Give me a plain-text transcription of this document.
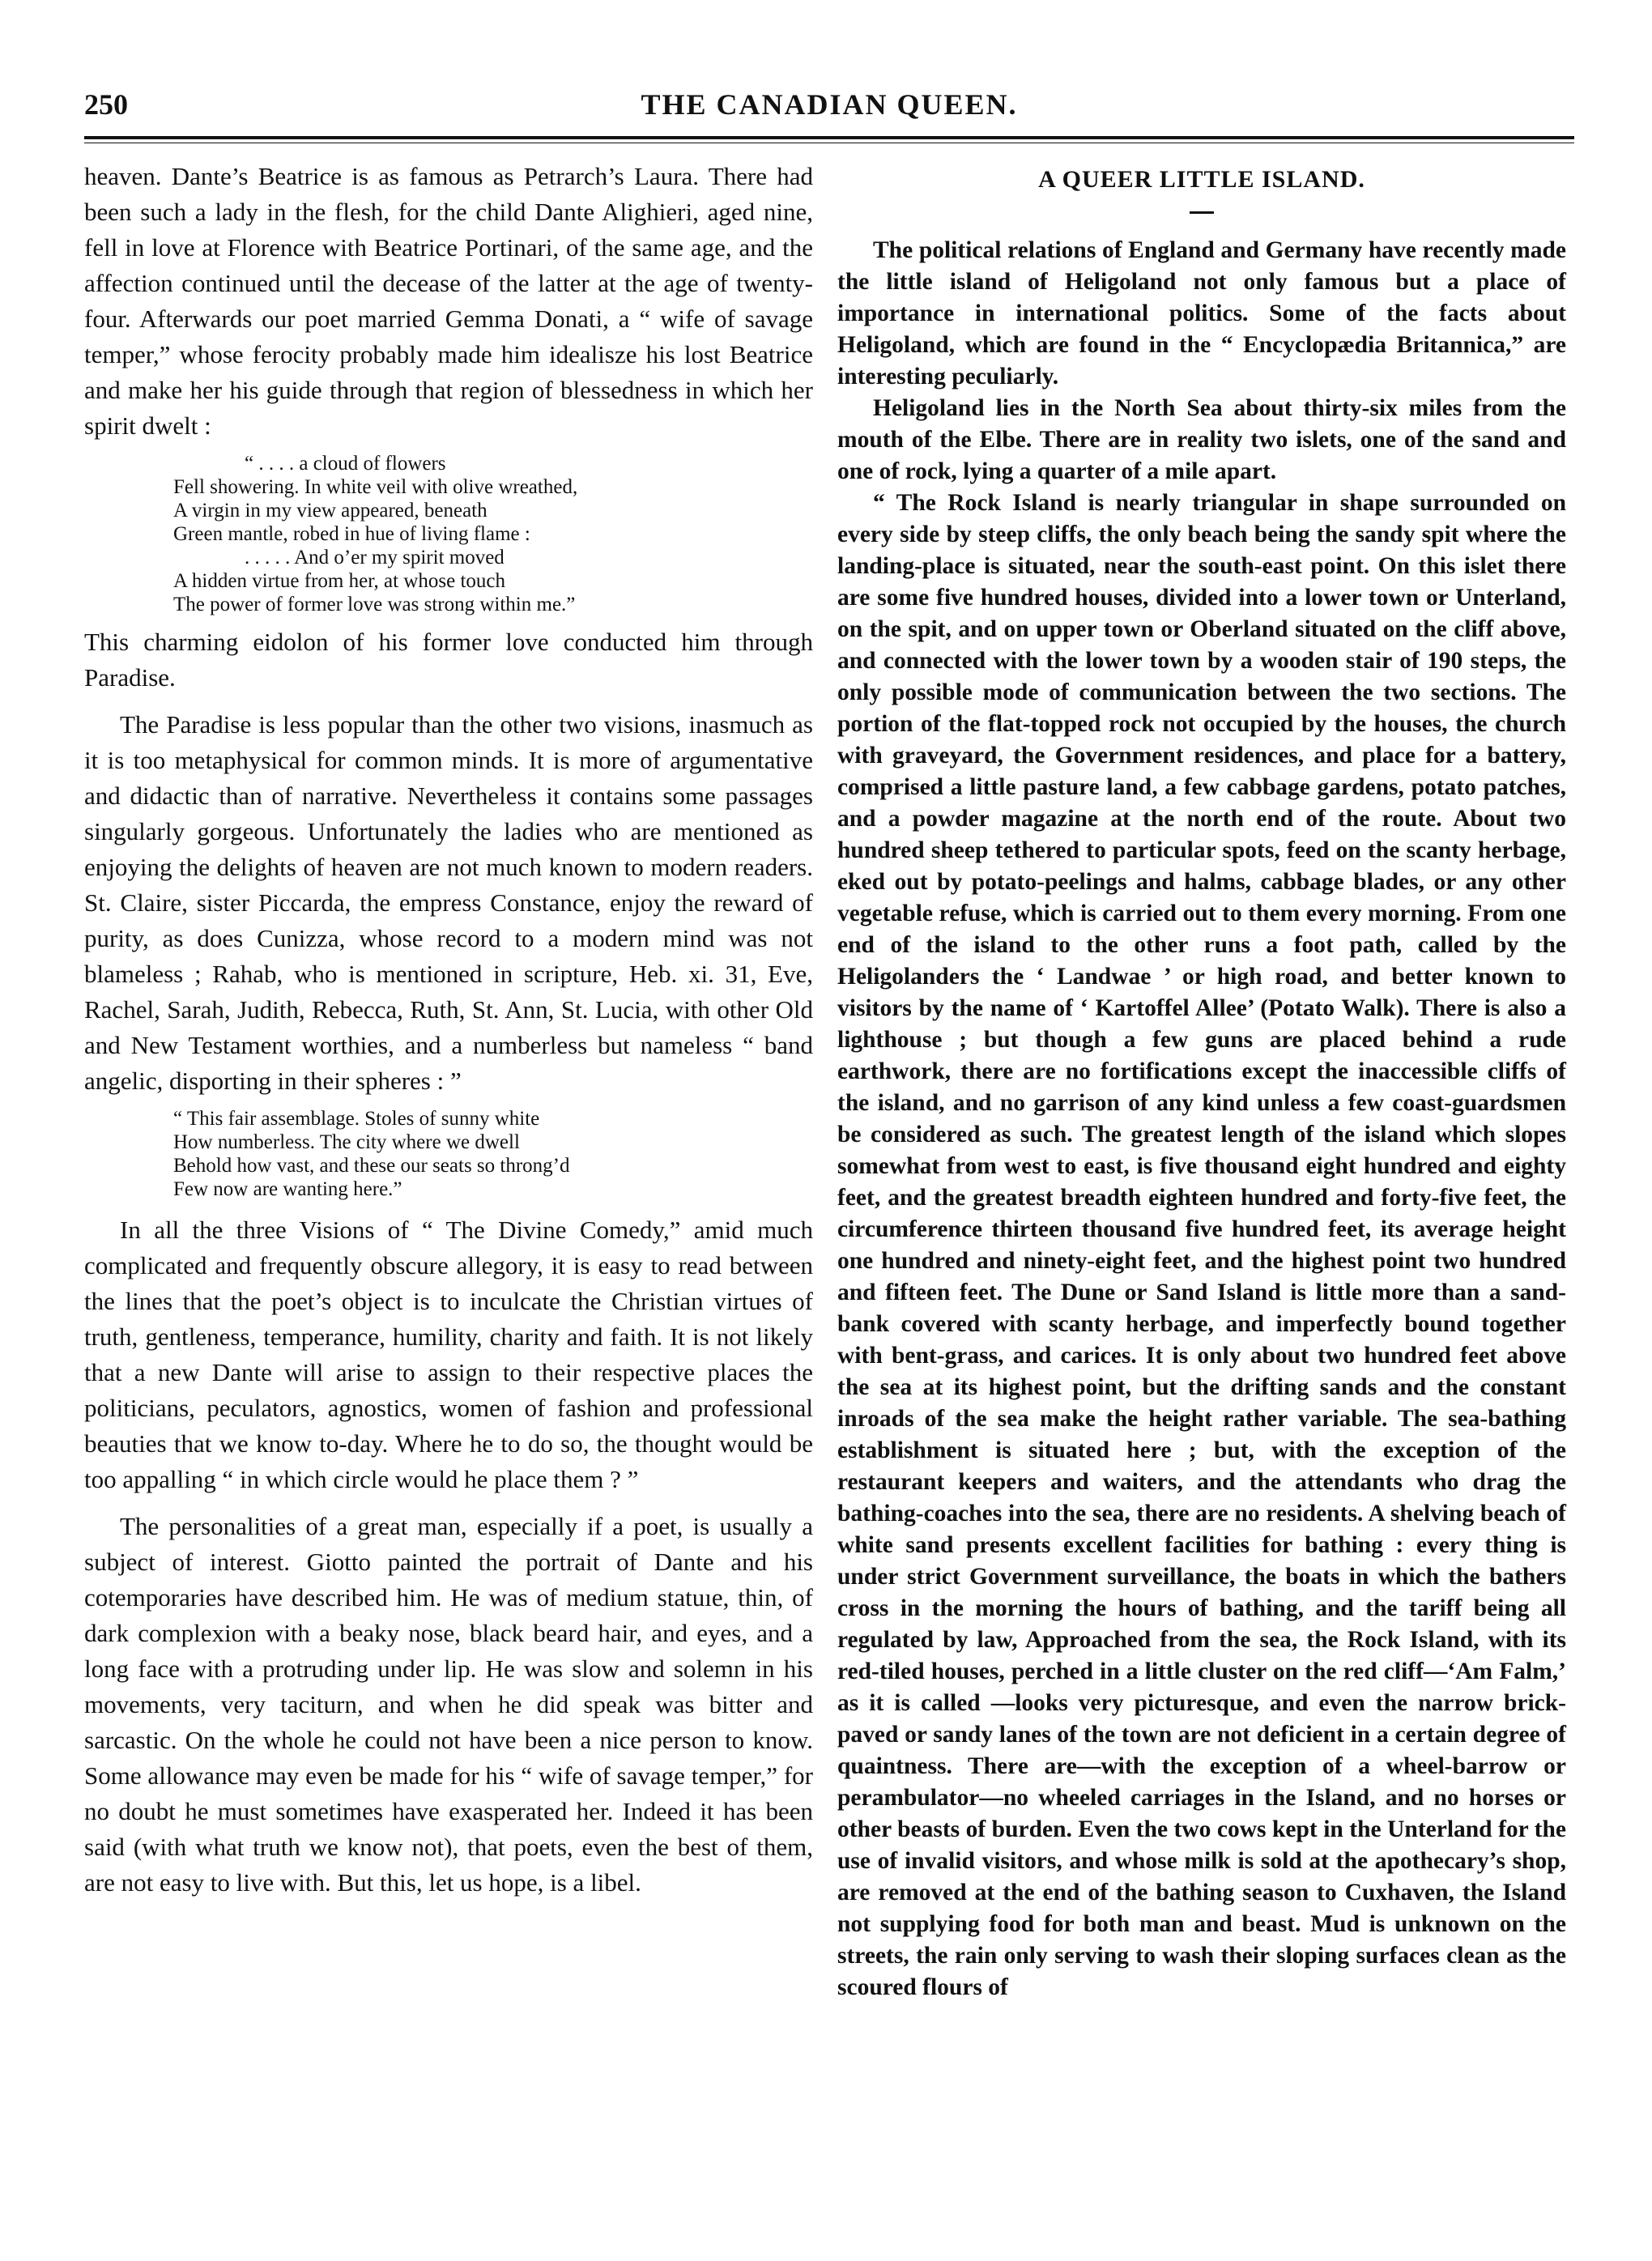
250	THE CANADIAN QUEEN.

heaven. Dante’s Beatrice is as famous as Petrarch’s Laura. There had been such a lady in the flesh, for the child Dante Alighieri, aged nine, fell in love at Florence with Beatrice Portinari, of the same age, and the affection continued until the decease of the latter at the age of twenty-four. Afterwards our poet married Gemma Donati, a “ wife of savage temper,” whose ferocity probably made him idealisze his lost Beatrice and make her his guide through that region of blessedness in which her spirit dwelt :

“ . . . . a cloud of flowers
Fell showering. In white veil with olive wreathed,
A virgin in my view appeared, beneath
Green mantle, robed in hue of living flame :
. . . . . And o’er my spirit moved
A hidden virtue from her, at whose touch
The power of former love was strong within me.”

This charming eidolon of his former love conducted him through Paradise.

The Paradise is less popular than the other two visions, inasmuch as it is too metaphysical for common minds. It is more of argumentative and didactic than of narrative. Nevertheless it contains some passages singularly gorgeous. Unfortunately the ladies who are mentioned as enjoying the delights of heaven are not much known to modern readers. St. Claire, sister Piccarda, the empress Constance, enjoy the reward of purity, as does Cunizza, whose record to a modern mind was not blameless ; Rahab, who is mentioned in scripture, Heb. xi. 31, Eve, Rachel, Sarah, Judith, Rebecca, Ruth, St. Ann, St. Lucia, with other Old and New Testament worthies, and a numberless but nameless “ band angelic, disporting in their spheres : ”

“ This fair assemblage. Stoles of sunny white
How numberless. The city where we dwell
Behold how vast, and these our seats so throng’d
Few now are wanting here.”

In all the three Visions of “ The Divine Comedy,” amid much complicated and frequently obscure allegory, it is easy to read between the lines that the poet’s object is to inculcate the Christian virtues of truth, gentleness, temperance, humility, charity and faith. It is not likely that a new Dante will arise to assign to their respective places the politicians, peculators, agnostics, women of fashion and professional beauties that we know to-day. Where he to do so, the thought would be too appalling “ in which circle would he place them ? ”

The personalities of a great man, especially if a poet, is usually a subject of interest. Giotto painted the portrait of Dante and his cotemporaries have described him. He was of medium statuıe, thin, of dark complexion with a beaky nose, black beard hair, and eyes, and a long face with a protruding under lip. He was slow and solemn in his movements, very taciturn, and when he did speak was bitter and sarcastic. On the whole he could not have been a nice person to know. Some allowance may even be made for his “ wife of savage temper,” for no doubt he must sometimes have exasperated her. Indeed it has been said (with what truth we know not), that poets, even the best of them, are not easy to live with. But this, let us hope, is a libel.

A QUEER LITTLE ISLAND.

The political relations of England and Germany have recently made the little island of Heligoland not only famous but a place of importance in international politics. Some of the facts about Heligoland, which are found in the “ Encyclopædia Britannica,” are interesting peculiarly.

Heligoland lies in the North Sea about thirty-six miles from the mouth of the Elbe. There are in reality two islets, one of the sand and one of rock, lying a quarter of a mile apart.

“ The Rock Island is nearly triangular in shape surrounded on every side by steep cliffs, the only beach being the sandy spit where the landing-place is situated, near the south-east point. On this islet there are some five hundred houses, divided into a lower town or Unterland, on the spit, and on upper town or Oberland situated on the cliff above, and connected with the lower town by a wooden stair of 190 steps, the only possible mode of communication between the two sections. The portion of the flat-topped rock not occupied by the houses, the church with graveyard, the Government residences, and place for a battery, comprised a little pasture land, a few cabbage gardens, potato patches, and a powder magazine at the north end of the route. About two hundred sheep tethered to particular spots, feed on the scanty herbage, eked out by potato-peelings and halms, cabbage blades, or any other vegetable refuse, which is carried out to them every morning. From one end of the island to the other runs a foot path, called by the Heligolanders the ‘ Landwae ’ or high road, and better known to visitors by the name of ‘ Kartoffel Allee’ (Potato Walk). There is also a lighthouse ; but though a few guns are placed behind a rude earthwork, there are no fortifications except the inaccessible cliffs of the island, and no garrison of any kind unless a few coast-guardsmen be considered as such. The greatest length of the island which slopes somewhat from west to east, is five thousand eight hundred and eighty feet, and the greatest breadth eighteen hundred and forty-five feet, the circumference thirteen thousand five hundred feet, its average height one hundred and ninety-eight feet, and the highest point two hundred and fifteen feet. The Dune or Sand Island is little more than a sand-bank covered with scanty herbage, and imperfectly bound together with bent-grass, and carices. It is only about two hundred feet above the sea at its highest point, but the drifting sands and the constant inroads of the sea make the height rather variable. The sea-bathing establishment is situated here ; but, with the exception of the restaurant keepers and waiters, and the attendants who drag the bathing-coaches into the sea, there are no residents. A shelving beach of white sand presents excellent facilities for bathing : every thing is under strict Government surveillance, the boats in which the bathers cross in the morning the hours of bathing, and the tariff being all regulated by law, Approached from the sea, the Rock Island, with its red-tiled houses, perched in a little cluster on the red cliff—‘Am Falm,’ as it is called —looks very picturesque, and even the narrow brick-paved or sandy lanes of the town are not deficient in a certain degree of quaintness. There are—with the exception of a wheel-barrow or perambulator—no wheeled carriages in the Island, and no horses or other beasts of burden. Even the two cows kept in the Unterland for the use of invalid visitors, and whose milk is sold at the apothecary’s shop, are removed at the end of the bathing season to Cuxhaven, the Island not supplying food for both man and beast. Mud is unknown on the streets, the rain only serving to wash their sloping surfaces clean as the scoured flours of
